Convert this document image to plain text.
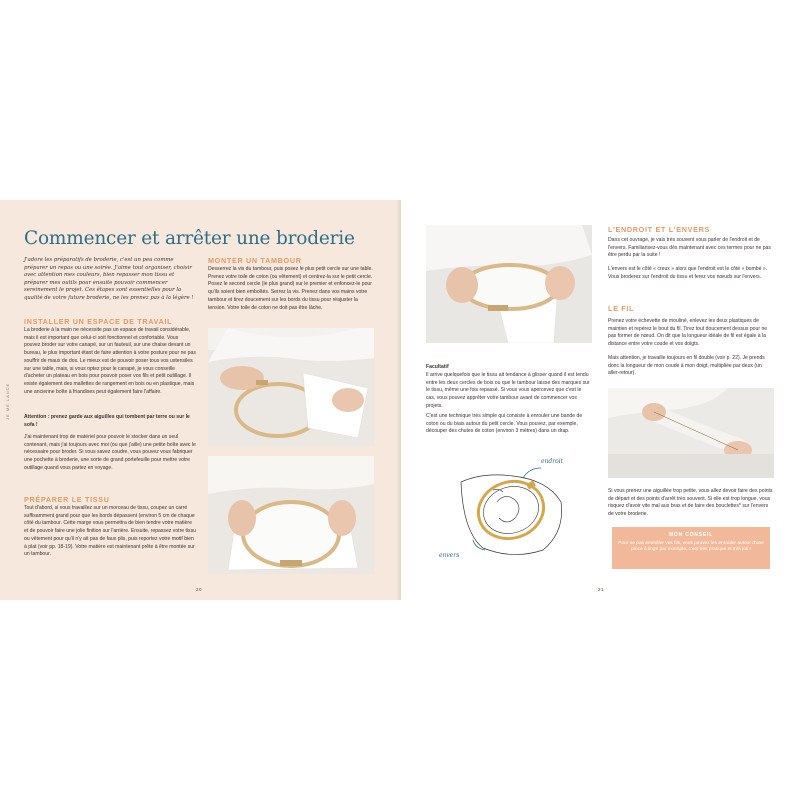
JE ME LANCE
Commencer et arrêter une broderie
J'adore les préparatifs de broderie, c'est un peu comme préparer un repas ou une soirée. J'aime tout organiser, choisir avec attention mes couleurs, bien repasser mon tissu et préparer mes outils pour ensuite pouvoir commencer sereinement le projet. Ces étapes sont essentielles pour la qualité de votre future broderie, ne les prenez pas à la légère !
INSTALLER UN ESPACE DE TRAVAIL
La broderie à la main ne nécessite pas un espace de travail considérable, mais il est important que celui-ci soit fonctionnel et confortable. Vous pouvez broder sur votre canapé, sur un fauteuil, sur une chaise devant un bureau, le plus important étant de faire attention à votre posture pour ne pas souffrir de maux de dos. Le mieux est de pouvoir poser tous vos ustensiles sur une table, mais, si vous optez pour le canapé, je vous conseille d'acheter un plateau en bois pour pouvoir poser vos fils et petit outillage. Il existe également des mallettes de rangement en bois ou en plastique, mais une ancienne boîte à friandises peut également faire l'affaire.
Attention : prenez garde aux aiguilles qui tombent par terre ou sur le sofa !
J'ai maintenant trop de matériel pour pouvoir le stocker dans un seul contenant, mais j'ai toujours avec moi (ou que j'aille) une petite boîte avec le nécessaire pour broder. Si vous savez coudre, vous pouvez vous fabriquer une pochette à broderie, une sorte de grand portefeuille pour mettre votre outillage quand vous partez en voyage.
PRÉPARER LE TISSU
Tout d'abord, si vous travaillez sur un morceau de tissu, coupez un carré suffisamment grand pour que les bords dépassent (environ 5 cm de chaque côté du tambour. Cette marge vous permettra de bien tendre votre matière et de pouvoir faire une jolie finition sur l'arrière. Ensuite, repassez votre tissu ou vêtement pour qu'il n'y ait pas de faux plis, puis reportez votre motif bien à plat (voir pp. 18-19). Votre matière est maintenant prête à être montée sur un tambour.
MONTER UN TAMBOUR
Desserrez la vis du tambour, puis posez le plus petit cercle sur une table. Prenez votre toile de coton (ou vêtement) et centrez-la sur le petit cercle. Posez le second cercle (le plus grand) sur le premier et enfoncez-le pour qu'ils soient bien emboîtés. Serrez la vis. Prenez dans vos mains votre tambour et tirez doucement sur les bords du tissu pour réajuster la tension. Votre toile de coton ne doit pas être lâche.
20
Facultatif
Il arrive quelquefois que le tissu ait tendance à glisser quand il est tendu entre les deux cercles de bois ou que le tambour laisse des marques sur le tissu, même une fois repassé. Si vous vous apercevez que c'est le cas, vous pouvez apprêter votre tambour avant de commencer vos projets.
C'est une technique très simple qui consiste à enrouler une bande de coton ou du biais autour du petit cercle. Vous pouvez, par exemple, découper des chutes de coton (environ 3 mètres) dans un drap.
endroit
envers
L'ENDROIT ET L'ENVERS
Dans cet ouvrage, je vais très souvent vous parler de l'endroit et de l'envers. Familiarisez-vous dès maintenant avec ces termes pour ne pas être perdu par la suite !
L'envers est le côté « creux » alors que l'endroit est le côté « bombé ». Vous broderez sur l'endroit du tissu et ferez vos nœuds sur l'envers.
LE FIL
Prenez votre échevette de mouliné, enlevez les deux plastiques de maintien et repérez le bout du fil. Tirez tout doucement dessus pour ne pas former de nœud. On dit que la longueur idéale de fil est égale à la distance entre votre coude et vos doigts.
Mais attention, je travaille toujours en fil double (voir p. 22). Je prends donc la longueur de mon coude à mon doigt, multipliée par deux (un aller-retour).
Si vous prenez une aiguillée trop petite, vous allez devoir faire des points de départ et des points d'arrêt très souvent. Si elle est trop longue, vous risquez d'avoir vite mal aux bras et de faire des bouclettes* sur l'envers de votre broderie.
MON CONSEIL
Pour ne pas emmêler vos fils, vous pouvez les enrouler autour d'une pince à linge par exemple, c'est très pratique et très joli !
21
